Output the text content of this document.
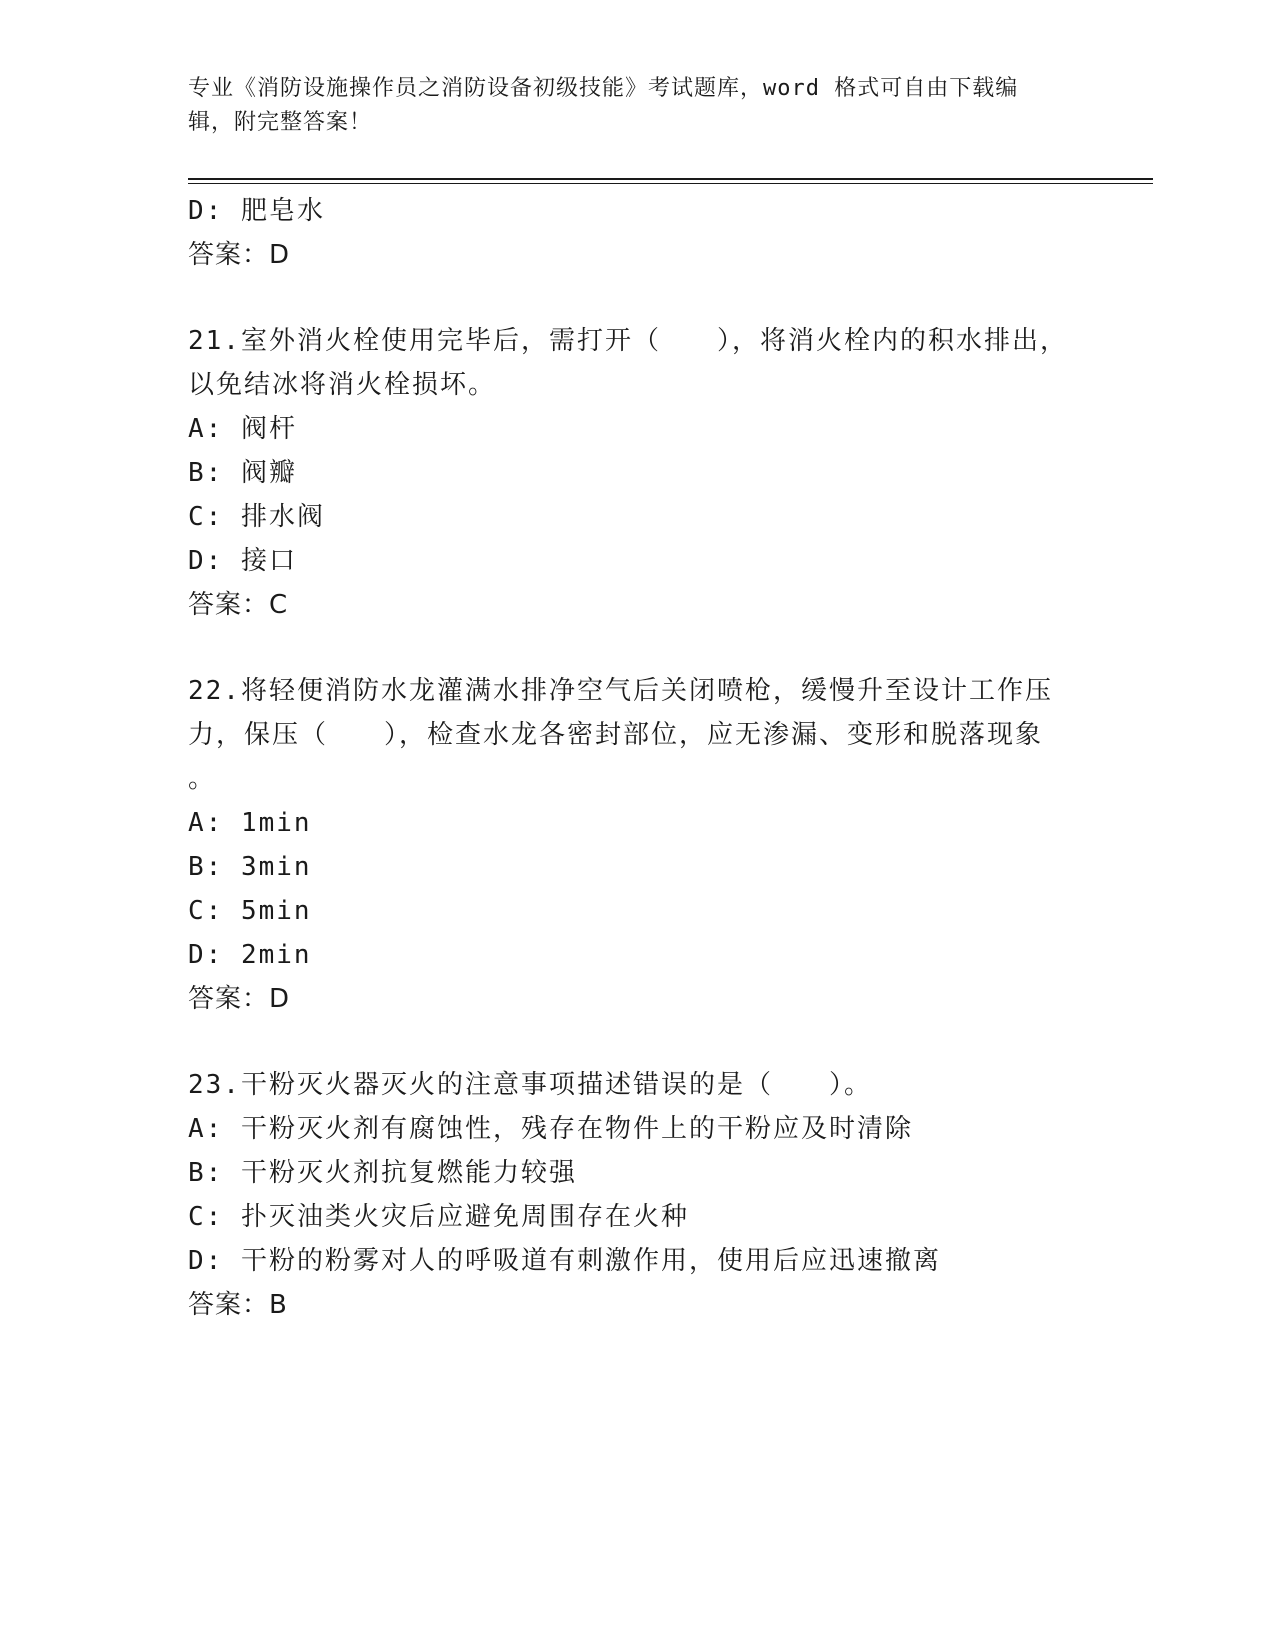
专业《消防设施操作员之消防设备初级技能》考试题库，word 格式可自由下载编
辑，附完整答案！
D: 肥皂水
答案：D
21.室外消火栓使用完毕后，需打开（　　），将消火栓内的积水排出，
以免结冰将消火栓损坏。
A: 阀杆
B: 阀瓣
C: 排水阀
D: 接口
答案：C
22.将轻便消防水龙灌满水排净空气后关闭喷枪，缓慢升至设计工作压
力，保压（　　），检查水龙各密封部位，应无渗漏、变形和脱落现象
。
A: 1min
B: 3min
C: 5min
D: 2min
答案：D
23.干粉灭火器灭火的注意事项描述错误的是（　　）。
A: 干粉灭火剂有腐蚀性，残存在物件上的干粉应及时清除
B: 干粉灭火剂抗复燃能力较强
C: 扑灭油类火灾后应避免周围存在火种
D: 干粉的粉雾对人的呼吸道有刺激作用，使用后应迅速撤离
答案：B
